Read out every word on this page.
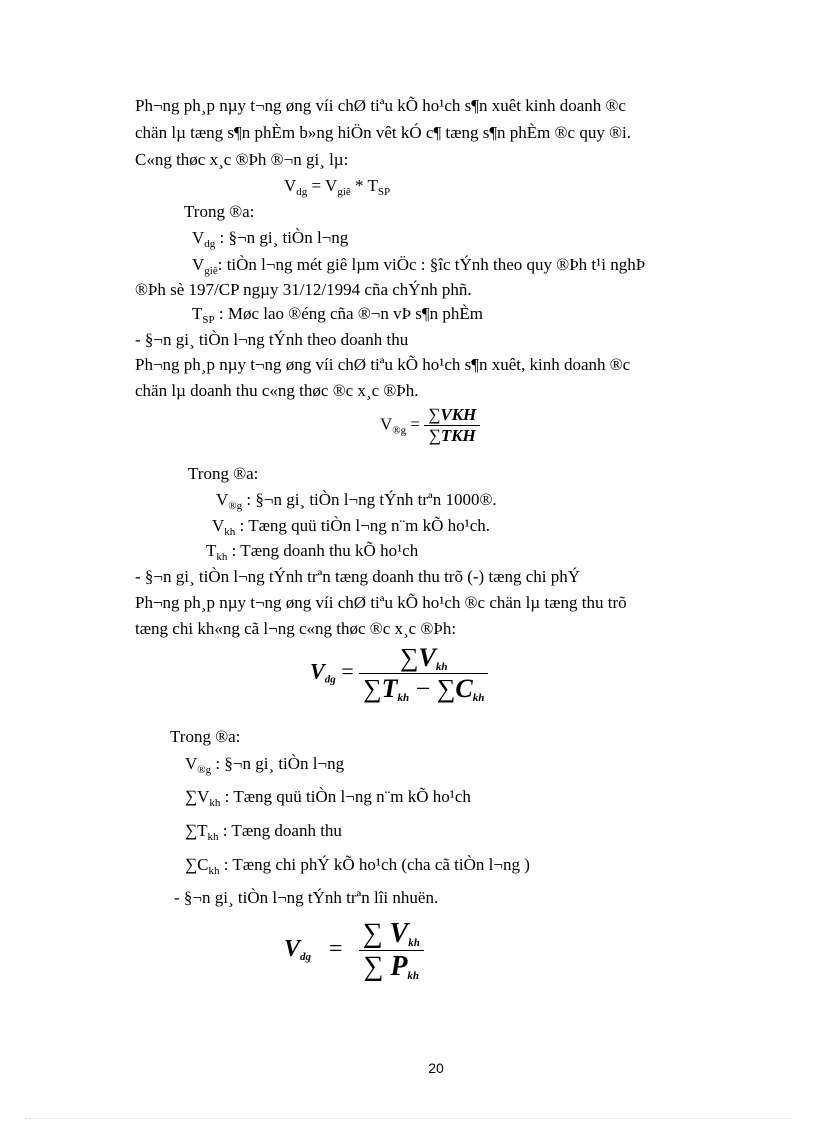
Ph¬ng ph¸p nµy t¬ng øng víi chØ tiªu kÕ ho¹ch s¶n xuêt kinh doanh ®c
chän lµ tæng s¶n phÈm b»ng hiÖn vêt kÓ c¶ tæng s¶n phÈm ®c quy ®i.
C«ng thøc x¸c ®Þh ®¬n gi¸ lµ:
$V_{dg} = V_{giê} * T_{SP}$
Trong ®a:
$V_{dg}$ : §¬n gi¸ tiÒn l¬ng
$V_{giê}$: tiÒn l¬ng mét giê lµm viÖc : §îc tÝnh theo quy ®Þh t¹i nghÞ
®Þh sè 197/CP ngµy 31/12/1994 cña chÝnh phñ.
$T_{SP}$ : Møc lao ®éng cña ®¬n vÞ s¶n phÈm
- §¬n gi¸ tiÒn l¬ng tÝnh theo doanh thu
Ph¬ng ph¸p nµy t¬ng øng víi chØ tiªu kÕ ho¹ch s¶n xuêt, kinh doanh ®c
chän lµ doanh thu c«ng thøc ®c x¸c ®Þh.
$V_{®g} = \frac{\text{∑VKH}}{\text{∑TKH}}$
Trong ®a:
$V_{®g}$ : §¬n gi¸ tiÒn l¬ng tÝnh trªn 1000®.
$V_{kh}$ : Tæng quü tiÒn l¬ng n¨m kÕ ho¹ch.
$T_{kh}$ : Tæng doanh thu kÕ ho¹ch
- §¬n gi¸ tiÒn l¬ng tÝnh trªn tæng doanh thu trõ (-) tæng chi phÝ
Ph¬ng ph¸p nµy t¬ng øng víi chØ tiªu kÕ ho¹ch ®c chän lµ tæng thu trõ
tæng chi kh«ng cã l¬ng c«ng thøc ®c x¸c ®Þh:
$V_{dg} = \frac{\sum V_{kh}}{\sum T_{kh} - \sum C_{kh}}$
Trong ®a:
$V_{®g}$ : §¬n gi¸ tiÒn l¬ng
$\sum V_{kh}$ : Tæng quü tiÒn l¬ng n¨m kÕ ho¹ch
$\sum T_{kh}$ : Tæng doanh thu
$\sum C_{kh}$ : Tæng chi phÝ kÕ ho¹ch (cha cã tiÒn l¬ng )
- §¬n gi¸ tiÒn l¬ng tÝnh trªn lîi nhuën.
$V_{dg} = \frac{\sum V_{kh}}{\sum P_{kh}}$
20
